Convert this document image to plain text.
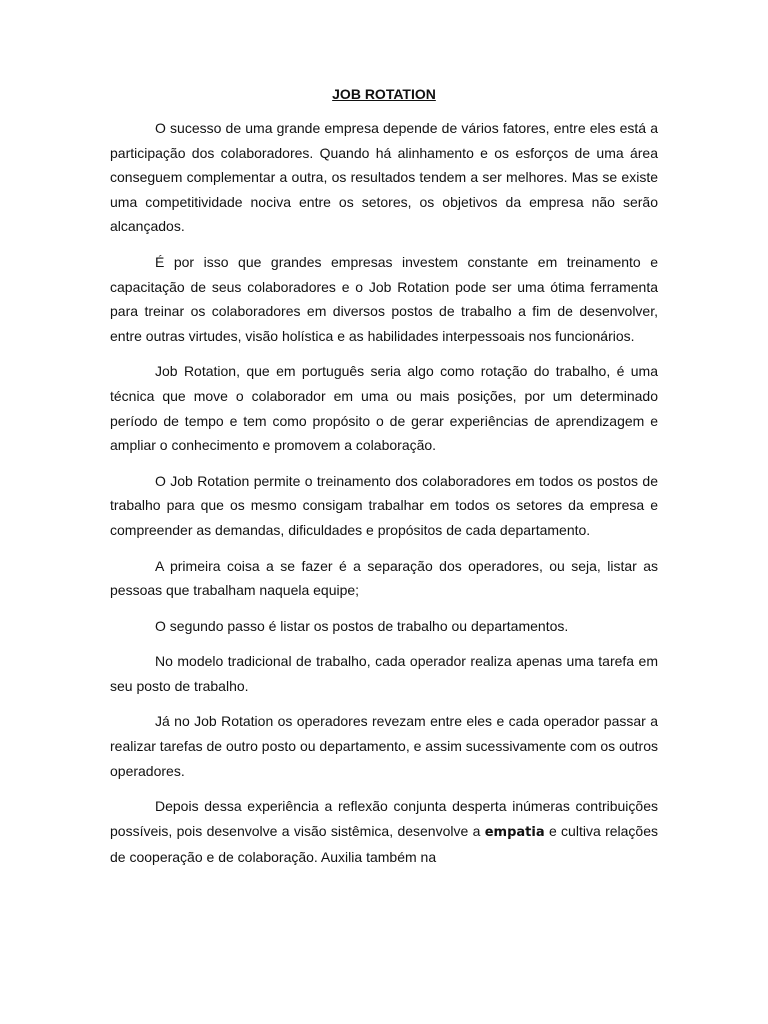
JOB ROTATION

O sucesso de uma grande empresa depende de vários fatores, entre eles está a participação dos colaboradores. Quando há alinhamento e os esforços de uma área conseguem complementar a outra, os resultados tendem a ser melhores. Mas se existe uma competitividade nociva entre os setores, os objetivos da empresa não serão alcançados.

É por isso que grandes empresas investem constante em treinamento e capacitação de seus colaboradores e o Job Rotation pode ser uma ótima ferramenta para treinar os colaboradores em diversos postos de trabalho a fim de desenvolver, entre outras virtudes, visão holística e as habilidades interpessoais nos funcionários.

Job Rotation, que em português seria algo como rotação do trabalho, é uma técnica que move o colaborador em uma ou mais posições, por um determinado período de tempo e tem como propósito o de gerar experiências de aprendizagem e ampliar o conhecimento e promovem a colaboração.

O Job Rotation permite o treinamento dos colaboradores em todos os postos de trabalho para que os mesmo consigam trabalhar em todos os setores da empresa e compreender as demandas, dificuldades e propósitos de cada departamento.

A primeira coisa a se fazer é a separação dos operadores, ou seja, listar as pessoas que trabalham naquela equipe;

O segundo passo é listar os postos de trabalho ou departamentos.

No modelo tradicional de trabalho, cada operador realiza apenas uma tarefa em seu posto de trabalho.

Já no Job Rotation os operadores revezam entre eles e cada operador passar a realizar tarefas de outro posto ou departamento, e assim sucessivamente com os outros operadores.

Depois dessa experiência a reflexão conjunta desperta inúmeras contribuições possíveis, pois desenvolve a visão sistêmica, desenvolve a empatia e cultiva relações de cooperação e de colaboração. Auxilia também na
